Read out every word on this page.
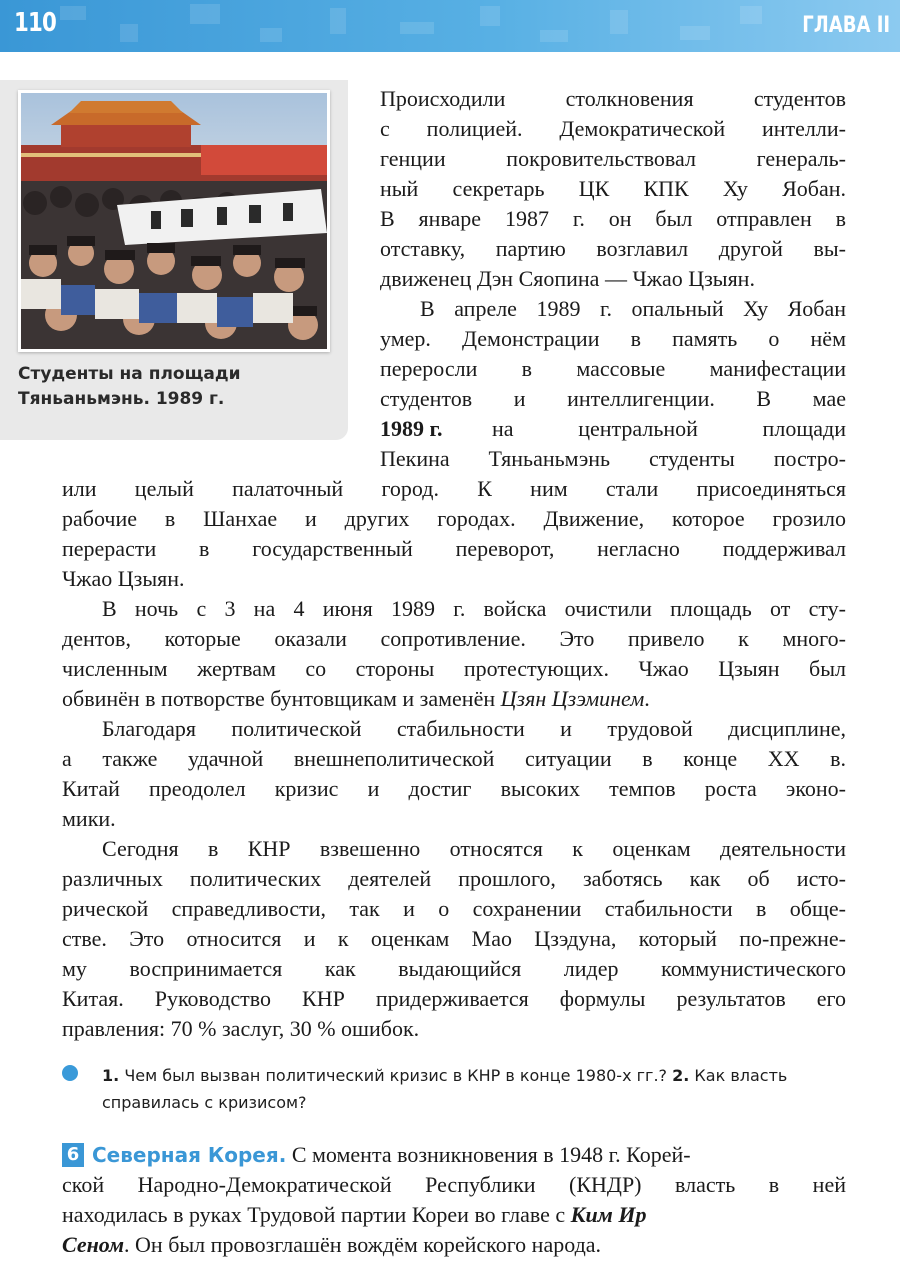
110	ГЛАВА II
Студенты на площади
Тяньаньмэнь. 1989 г.
Происходили столкновения студентов
с полицией. Демократической интелли-
генции покровительствовал генераль-
ный секретарь ЦК КПК Ху Яобан.
В январе 1987 г. он был отправлен в
отставку, партию возглавил другой вы-
движенец Дэн Сяопина — Чжао Цзыян.
В апреле 1989 г. опальный Ху Яобан
умер. Демонстрации в память о нём
переросли в массовые манифестации
студентов и интеллигенции. В мае
1989 г. на центральной площади
Пекина Тяньаньмэнь студенты постро-
или целый палаточный город. К ним стали присоединяться
рабочие в Шанхае и других городах. Движение, которое грозило
перерасти в государственный переворот, негласно поддерживал
Чжао Цзыян.
В ночь с 3 на 4 июня 1989 г. войска очистили площадь от сту-
дентов, которые оказали сопротивление. Это привело к много-
численным жертвам со стороны протестующих. Чжао Цзыян был
обвинён в потворстве бунтовщикам и заменён Цзян Цзэминем.
Благодаря политической стабильности и трудовой дисциплине,
а также удачной внешнеполитической ситуации в конце XX в.
Китай преодолел кризис и достиг высоких темпов роста эконо-
мики.
Сегодня в КНР взвешенно относятся к оценкам деятельности
различных политических деятелей прошлого, заботясь как об исто-
рической справедливости, так и о сохранении стабильности в обще-
стве. Это относится и к оценкам Мао Цзэдуна, который по-прежне-
му воспринимается как выдающийся лидер коммунистического
Китая. Руководство КНР придерживается формулы результатов его
правления: 70 % заслуг, 30 % ошибок.
1. Чем был вызван политический кризис в КНР в конце 1980-х гг.? 2. Как власть справилась с кризисом?
6 Северная Корея. С момента возникновения в 1948 г. Корей-
ской Народно-Демократической Республики (КНДР) власть в ней
находилась в руках Трудовой партии Кореи во главе с Ким Ир
Сеном. Он был провозглашён вождём корейского народа.
